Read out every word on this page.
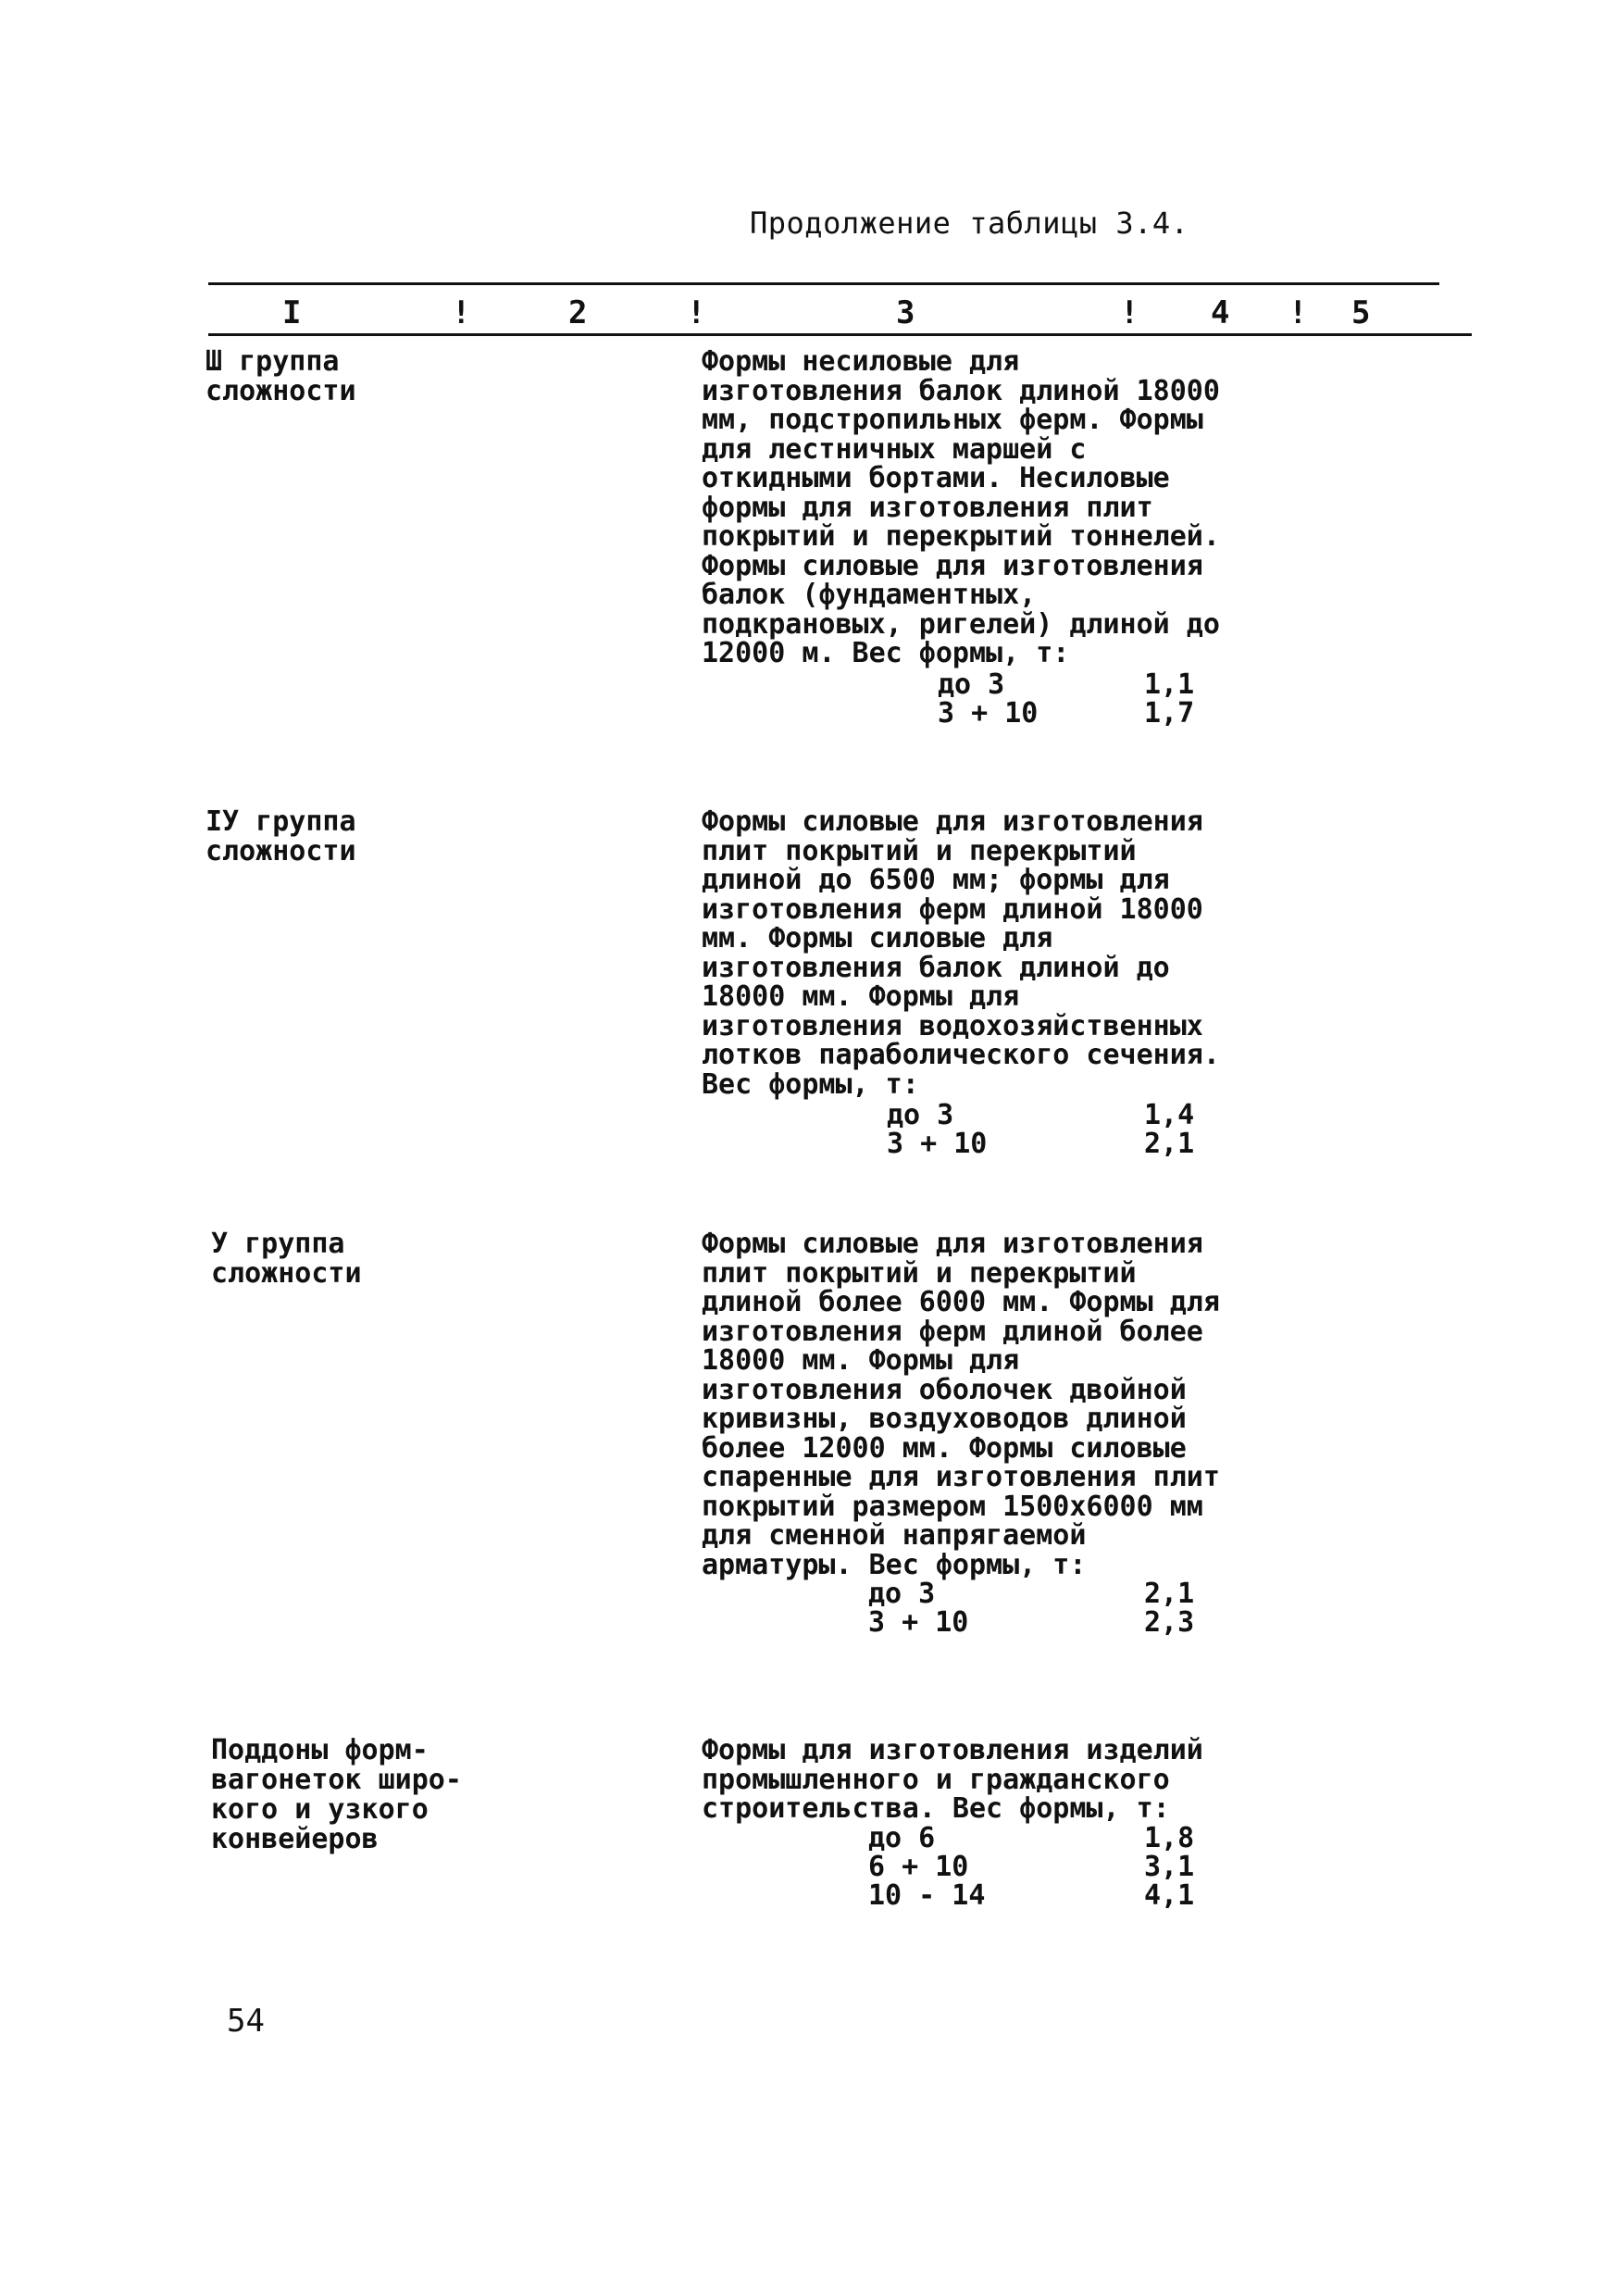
Продолжение таблицы 3.4.
I	!	2	!	3	! 4 ! 5
Ш группа
сложности
Формы несиловые для изготовления балок длиной 18000 мм, подстропильных ферм. Формы для лестничных маршей с откидными бортами. Несиловые формы для изготовления плит покрытий и перекрытий тоннелей. Формы силовые для изготовления балок (фундаментных, подкрановых, ригелей) длиной до 12000 м. Вес формы, т:
до 3	1,1
3 + 10	1,7
IУ группа
сложности
Формы силовые для изготовления плит покрытий и перекрытий длиной до 6500 мм; формы для изготовления ферм длиной 18000 мм. Формы силовые для изготовления балок длиной до 18000 мм. Формы для изготовления водохозяйственных лотков параболического сечения. Вес формы, т:
до 3	1,4
3 + 10	2,1
У группа
сложности
Формы силовые для изготовления плит покрытий и перекрытий длиной более 6000 мм. Формы для изготовления ферм длиной более 18000 мм. Формы для изготовления оболочек двойной кривизны, воздуховодов длиной более 12000 мм. Формы силовые спаренные для изготовления плит покрытий размером 1500х6000 мм для сменной напрягаемой арматуры. Вес формы, т:
до 3	2,1
3 + 10	2,3
Поддоны форм-
вагонеток широ-
кого и узкого
конвейеров
Формы для изготовления изделий промышленного и гражданского строительства. Вес формы, т:
до 6	1,8
6 + 10	3,1
10 - 14	4,1
54
